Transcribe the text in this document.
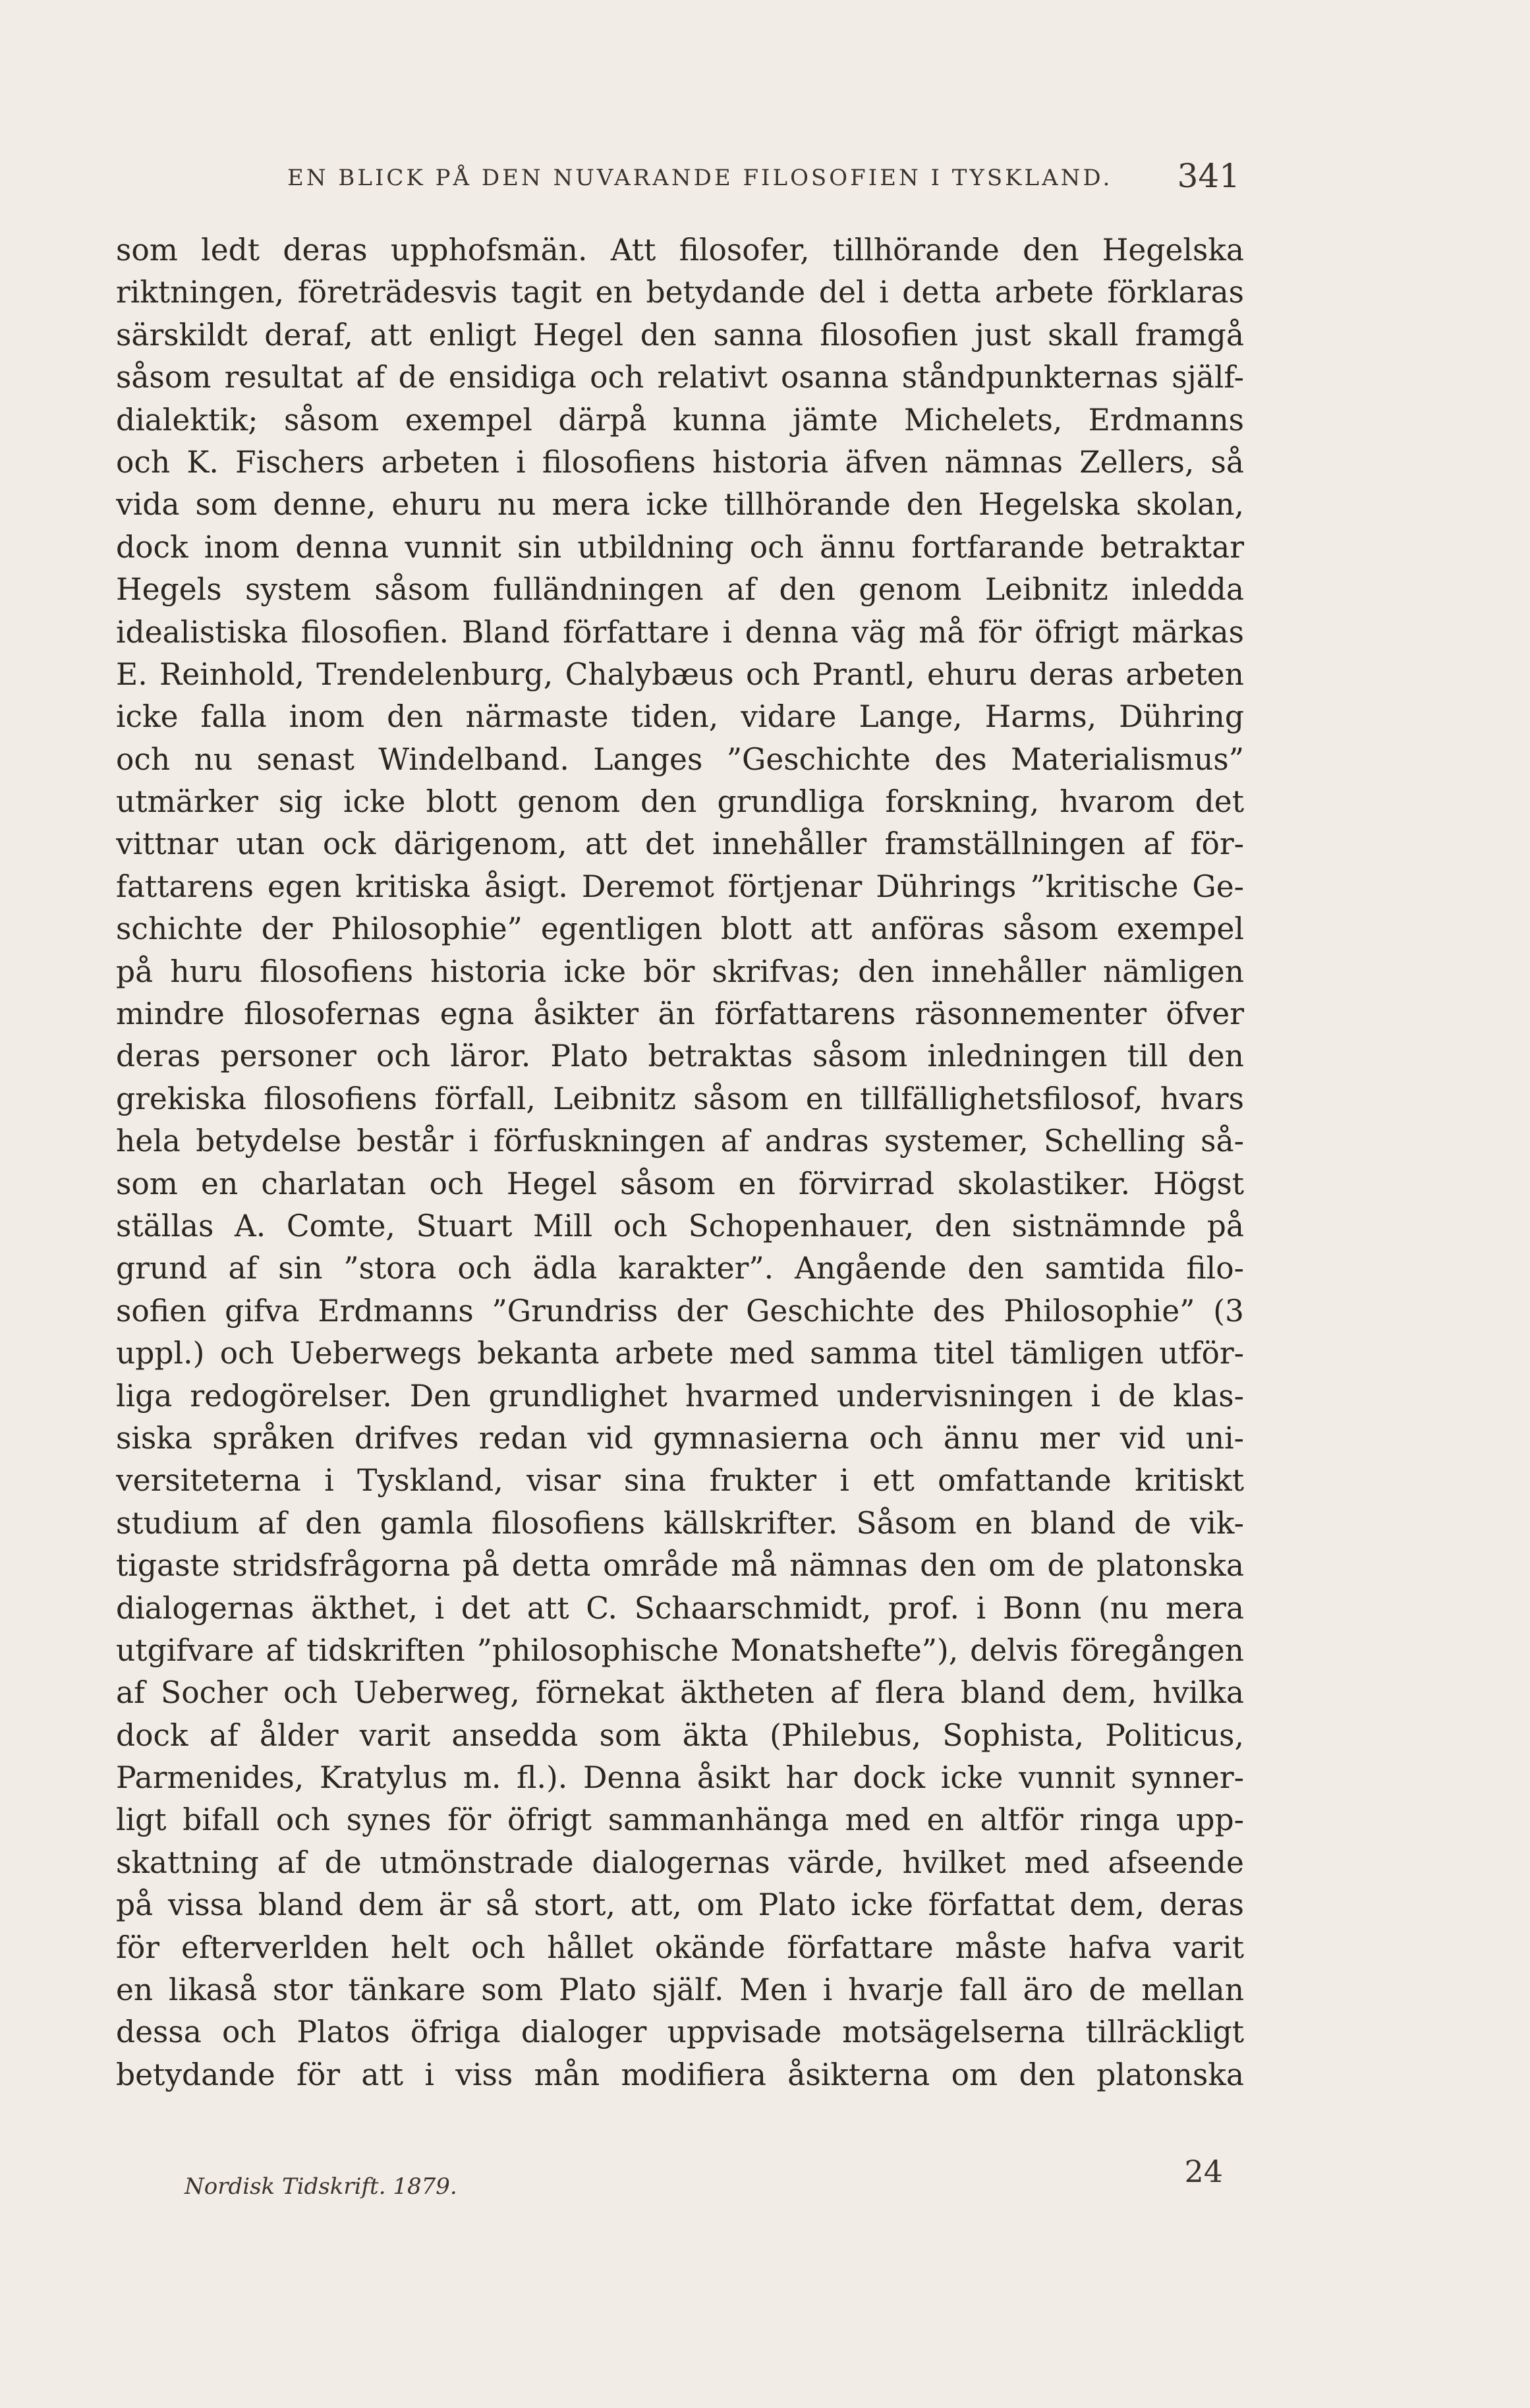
EN BLICK PÅ DEN NUVARANDE FILOSOFIEN I TYSKLAND. 341
som ledt deras upphofsmän. Att filosofer, tillhörande den Hegelska
riktningen, företrädesvis tagit en betydande del i detta arbete förklaras
särskildt deraf, att enligt Hegel den sanna filosofien just skall framgå
såsom resultat af de ensidiga och relativt osanna ståndpunkternas själf-
dialektik; såsom exempel därpå kunna jämte Michelets, Erdmanns
och K. Fischers arbeten i filosofiens historia äfven nämnas Zellers, så
vida som denne, ehuru nu mera icke tillhörande den Hegelska skolan,
dock inom denna vunnit sin utbildning och ännu fortfarande betraktar
Hegels system såsom fulländningen af den genom Leibnitz inledda
idealistiska filosofien. Bland författare i denna väg må för öfrigt märkas
E. Reinhold, Trendelenburg, Chalybæus och Prantl, ehuru deras arbeten
icke falla inom den närmaste tiden, vidare Lange, Harms, Dühring
och nu senast Windelband. Langes ”Geschichte des Materialismus”
utmärker sig icke blott genom den grundliga forskning, hvarom det
vittnar utan ock därigenom, att det innehåller framställningen af för-
fattarens egen kritiska åsigt. Deremot förtjenar Dührings ”kritische Ge-
schichte der Philosophie” egentligen blott att anföras såsom exempel
på huru filosofiens historia icke bör skrifvas; den innehåller nämligen
mindre filosofernas egna åsikter än författarens räsonnementer öfver
deras personer och läror. Plato betraktas såsom inledningen till den
grekiska filosofiens förfall, Leibnitz såsom en tillfällighetsfilosof, hvars
hela betydelse består i förfuskningen af andras systemer, Schelling så-
som en charlatan och Hegel såsom en förvirrad skolastiker. Högst
ställas A. Comte, Stuart Mill och Schopenhauer, den sistnämnde på
grund af sin ”stora och ädla karakter”. Angående den samtida filo-
sofien gifva Erdmanns ”Grundriss der Geschichte des Philosophie” (3
uppl.) och Ueberwegs bekanta arbete med samma titel tämligen utför-
liga redogörelser. Den grundlighet hvarmed undervisningen i de klas-
siska språken drifves redan vid gymnasierna och ännu mer vid uni-
versiteterna i Tyskland, visar sina frukter i ett omfattande kritiskt
studium af den gamla filosofiens källskrifter. Såsom en bland de vik-
tigaste stridsfrågorna på detta område må nämnas den om de platonska
dialogernas äkthet, i det att C. Schaarschmidt, prof. i Bonn (nu mera
utgifvare af tidskriften ”philosophische Monatshefte”), delvis föregången
af Socher och Ueberweg, förnekat äktheten af flera bland dem, hvilka
dock af ålder varit ansedda som äkta (Philebus, Sophista, Politicus,
Parmenides, Kratylus m. fl.). Denna åsikt har dock icke vunnit synner-
ligt bifall och synes för öfrigt sammanhänga med en altför ringa upp-
skattning af de utmönstrade dialogernas värde, hvilket med afseende
på vissa bland dem är så stort, att, om Plato icke författat dem, deras
för efterverlden helt och hållet okände författare måste hafva varit
en likaså stor tänkare som Plato själf. Men i hvarje fall äro de mellan
dessa och Platos öfriga dialoger uppvisade motsägelserna tillräckligt
betydande för att i viss mån modifiera åsikterna om den platonska
Nordisk Tidskrift. 1879.	24
